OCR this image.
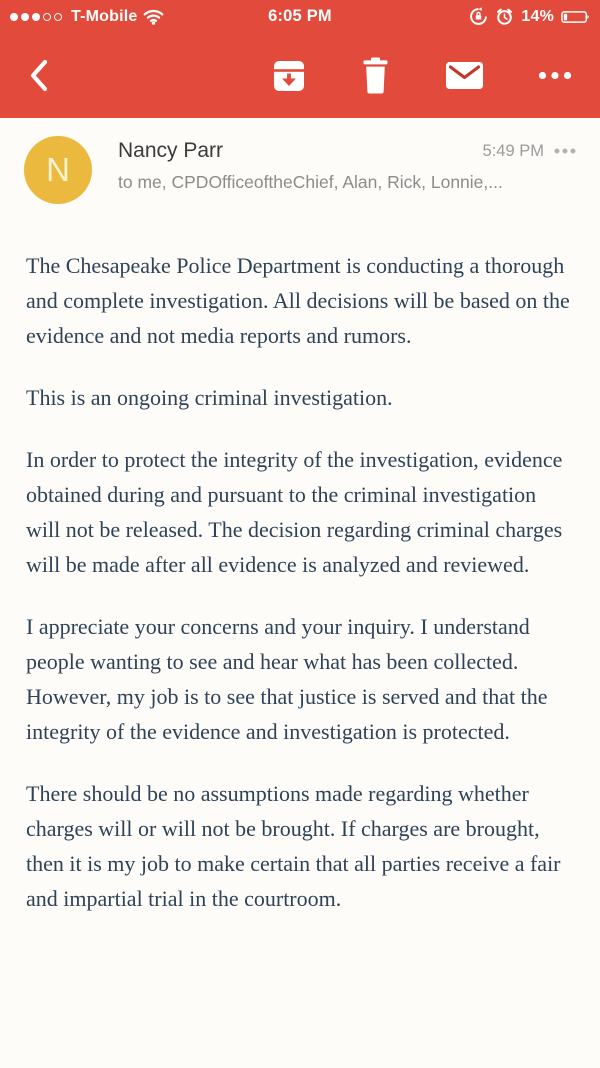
T-Mobile	6:05 PM	14%
N
Nancy Parr	5:49 PM
to me, CPDOfficeoftheChief, Alan, Rick, Lonnie,...

The Chesapeake Police Department is conducting a thorough and complete investigation. All decisions will be based on the evidence and not media reports and rumors.

This is an ongoing criminal investigation.

In order to protect the integrity of the investigation, evidence obtained during and pursuant to the criminal investigation will not be released. The decision regarding criminal charges will be made after all evidence is analyzed and reviewed.

I appreciate your concerns and your inquiry. I understand people wanting to see and hear what has been collected. However, my job is to see that justice is served and that the integrity of the evidence and investigation is protected.

There should be no assumptions made regarding whether charges will or will not be brought. If charges are brought, then it is my job to make certain that all parties receive a fair and impartial trial in the courtroom.
